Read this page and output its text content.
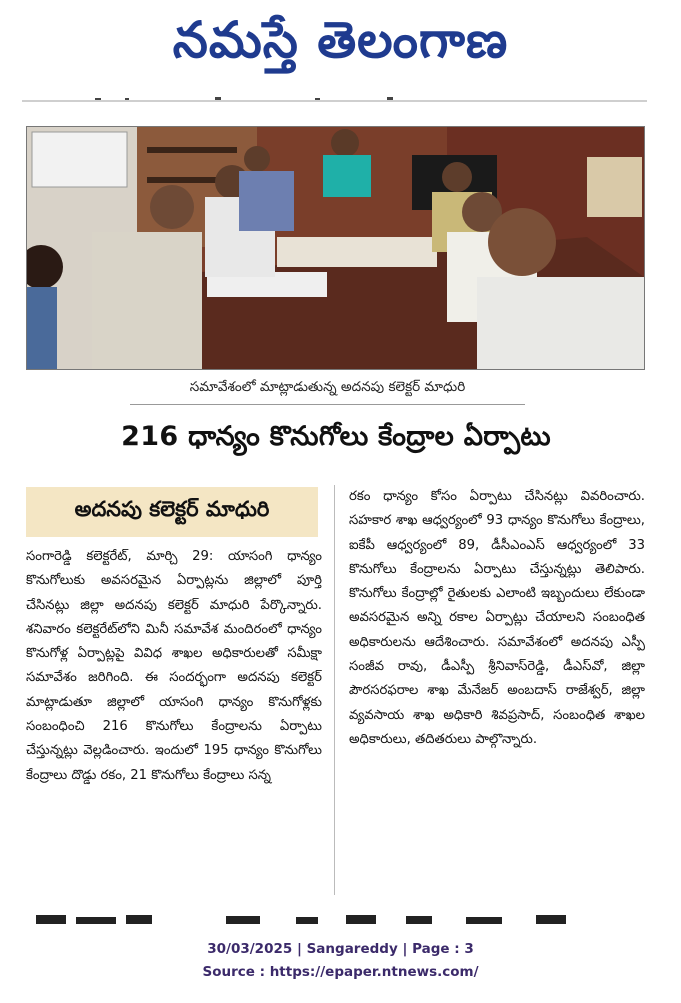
నమస్తే తెలంగాణ
సమావేశంలో మాట్లాడుతున్న అదనపు కలెక్టర్ మాధురి
216 ధాన్యం కొనుగోలు కేంద్రాల ఏర్పాటు
అదనపు కలెక్టర్ మాధురి
సంగారెడ్డి కలెక్టరేట్, మార్చి 29: యాసంగి ధాన్యం కొనుగోలుకు అవసరమైన ఏర్పాట్లను జిల్లాలో పూర్తి చేసినట్లు జిల్లా అదనపు కలెక్టర్ మాధురి పేర్కొన్నారు. శనివారం కలెక్టరేట్‌లోని మినీ సమావేశ మందిరంలో ధాన్యం కొనుగోళ్ల ఏర్పాట్లపై వివిధ శాఖల అధికారులతో సమీక్షా సమావేశం జరిగింది. ఈ సందర్భంగా అదనపు కలెక్టర్ మాట్లాడుతూ జిల్లాలో యాసంగి ధాన్యం కొనుగోళ్లకు సంబంధించి 216 కొనుగోలు కేంద్రాలను ఏర్పాటు చేస్తున్నట్లు వెల్లడించారు. ఇందులో 195 ధాన్యం కొనుగోలు కేంద్రాలు దొడ్డు రకం, 21 కొనుగోలు కేంద్రాలు సన్న
రకం ధాన్యం కోసం ఏర్పాటు చేసినట్లు వివరించారు. సహకార శాఖ ఆధ్వర్యంలో 93 ధాన్యం కొనుగోలు కేంద్రాలు, ఐకేపీ ఆధ్వర్యంలో 89, డీసీఎంఎస్ ఆధ్వర్యంలో 33 కొనుగోలు కేంద్రాలను ఏర్పాటు చేస్తున్నట్లు తెలిపారు. కొనుగోలు కేంద్రాల్లో రైతులకు ఎలాంటి ఇబ్బందులు లేకుండా అవసరమైన అన్ని రకాల ఏర్పాట్లు చేయాలని సంబంధిత అధికారులను ఆదేశించారు. సమావేశంలో అదనపు ఎస్పీ సంజీవ రావు, డీఎస్పీ శ్రీనివాస్‌రెడ్డి, డీఎస్‌వో, జిల్లా పౌరసరఫరాల శాఖ మేనేజర్ అంబదాస్ రాజేశ్వర్, జిల్లా వ్యవసాయ శాఖ అధికారి శివప్రసాద్, సంబంధిత శాఖల అధికారులు, తదితరులు పాల్గొన్నారు.
30/03/2025 | Sangareddy | Page : 3
Source : https://epaper.ntnews.com/
